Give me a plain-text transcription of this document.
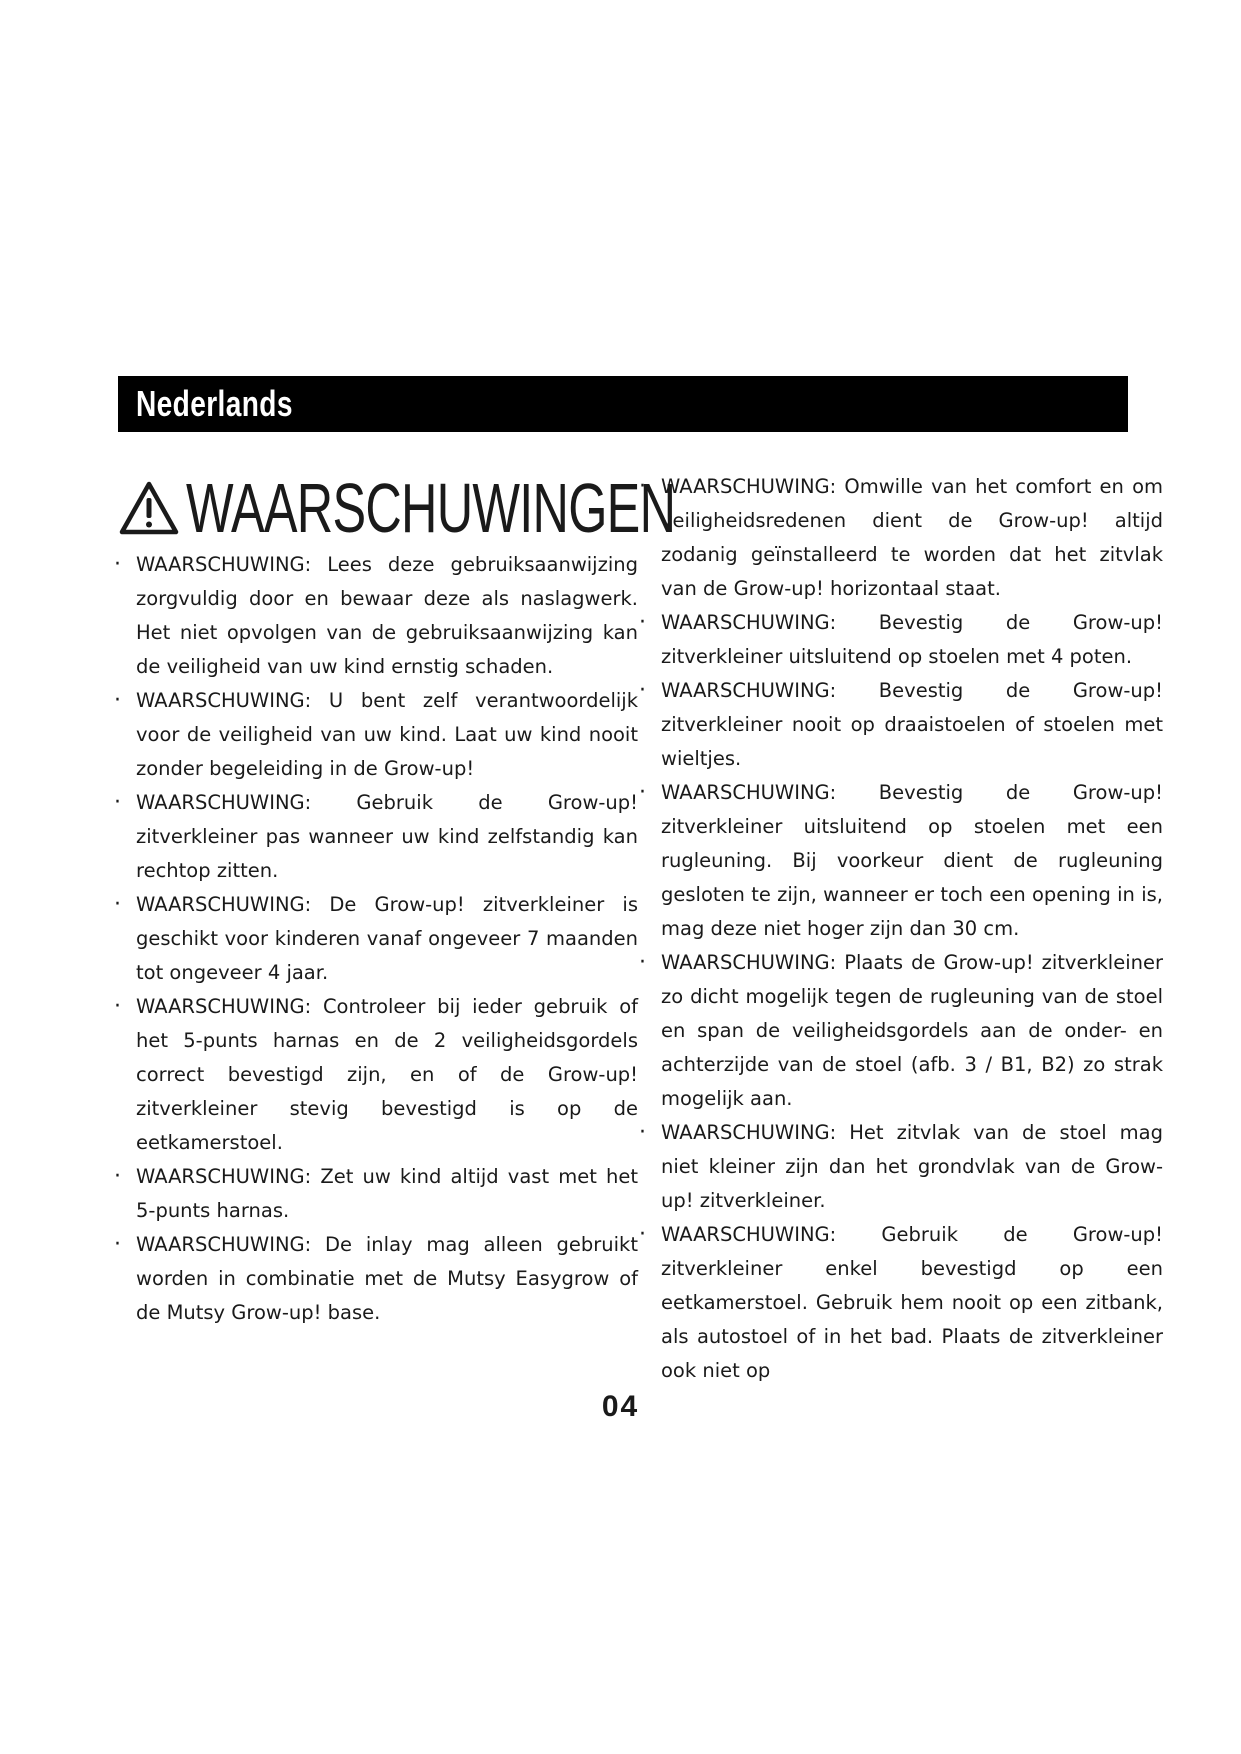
Nederlands
WAARSCHUWINGEN
· WAARSCHUWING: Lees deze gebruiksaanwijzing zorgvuldig door en bewaar deze als naslagwerk. Het niet opvolgen van de gebruiksaanwijzing kan de veiligheid van uw kind ernstig schaden.
· WAARSCHUWING: U bent zelf verantwoordelijk voor de veiligheid van uw kind. Laat uw kind nooit zonder begeleiding in de Grow-up!
· WAARSCHUWING: Gebruik de Grow-up! zitverkleiner pas wanneer uw kind zelfstandig kan rechtop zitten.
· WAARSCHUWING: De Grow-up! zitverkleiner is geschikt voor kinderen vanaf ongeveer 7 maanden tot ongeveer 4 jaar.
· WAARSCHUWING: Controleer bij ieder gebruik of het 5-punts harnas en de 2 veiligheidsgordels correct bevestigd zijn, en of de Grow-up! zitverkleiner stevig bevestigd is op de eetkamerstoel.
· WAARSCHUWING: Zet uw kind altijd vast met het 5-punts harnas.
· WAARSCHUWING: De inlay mag alleen gebruikt worden in combinatie met de Mutsy Easygrow of de Mutsy Grow-up! base.
· WAARSCHUWING: Omwille van het comfort en om veiligheidsredenen dient de Grow-up! altijd zodanig geïnstalleerd te worden dat het zitvlak van de Grow-up! horizontaal staat.
· WAARSCHUWING: Bevestig de Grow-up! zitverkleiner uitsluitend op stoelen met 4 poten.
· WAARSCHUWING: Bevestig de Grow-up! zitverkleiner nooit op draaistoelen of stoelen met wieltjes.
· WAARSCHUWING: Bevestig de Grow-up! zitverkleiner uitsluitend op stoelen met een rugleuning. Bij voorkeur dient de rugleuning gesloten te zijn, wanneer er toch een opening in is, mag deze niet hoger zijn dan 30 cm.
· WAARSCHUWING: Plaats de Grow-up! zitverkleiner zo dicht mogelijk tegen de rugleuning van de stoel en span de veiligheidsgordels aan de onder- en achterzijde van de stoel (afb. 3 / B1, B2) zo strak mogelijk aan.
· WAARSCHUWING: Het zitvlak van de stoel mag niet kleiner zijn dan het grondvlak van de Grow-up! zitverkleiner.
· WAARSCHUWING: Gebruik de Grow-up! zitverkleiner enkel bevestigd op een eetkamerstoel. Gebruik hem nooit op een zitbank, als autostoel of in het bad. Plaats de zitverkleiner ook niet op
04
